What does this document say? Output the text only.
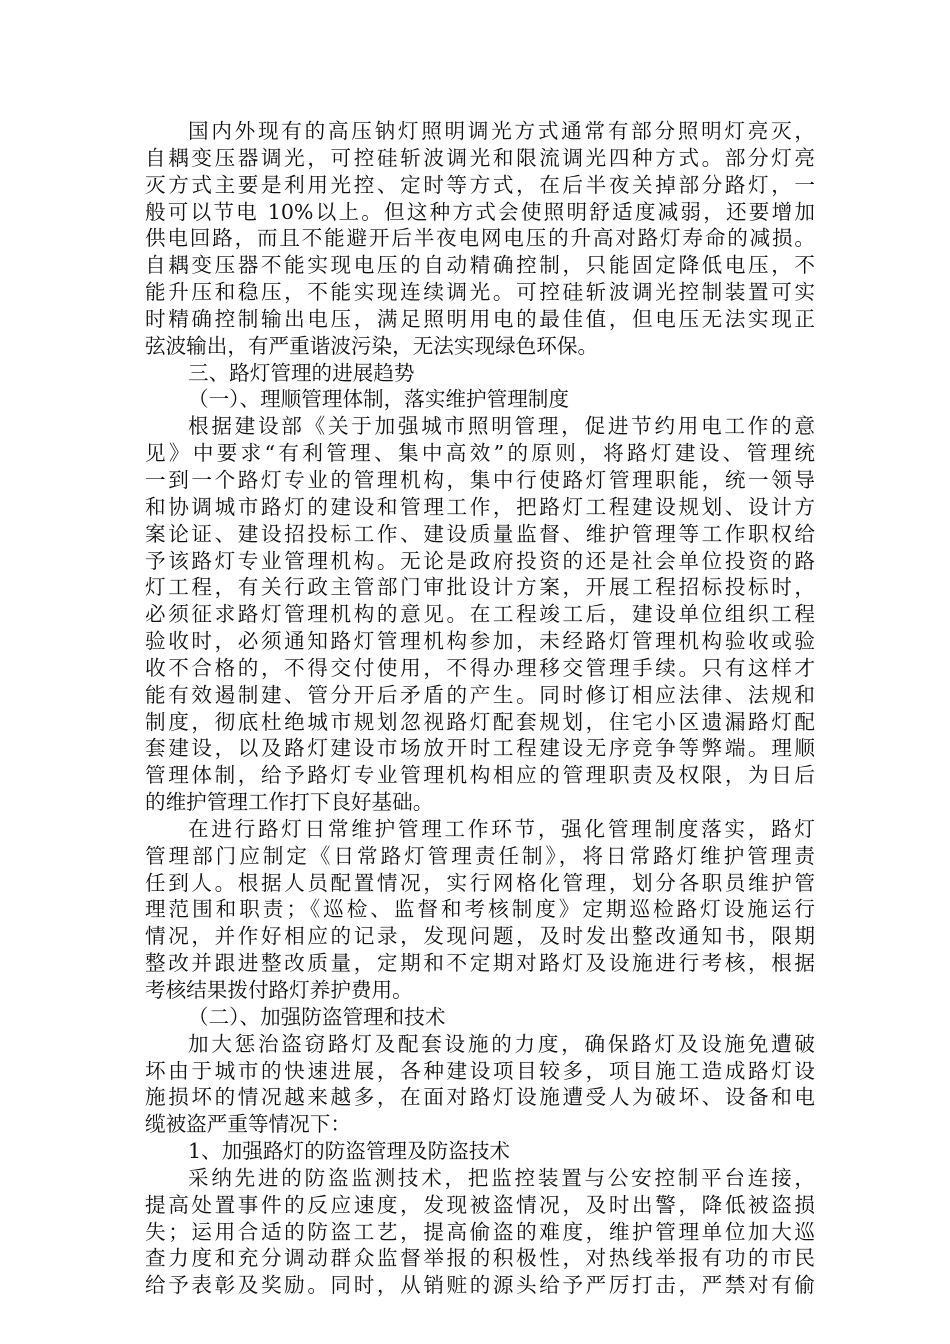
国内外现有的高压钠灯照明调光方式通常有部分照明灯亮灭，
自耦变压器调光，可控硅斩波调光和限流调光四种方式。部分灯亮
灭方式主要是利用光控、定时等方式，在后半夜关掉部分路灯，一
般可以节电 10%以上。但这种方式会使照明舒适度减弱，还要增加
供电回路，而且不能避开后半夜电网电压的升高对路灯寿命的减损。
自耦变压器不能实现电压的自动精确控制，只能固定降低电压，不
能升压和稳压，不能实现连续调光。可控硅斩波调光控制装置可实
时精确控制输出电压，满足照明用电的最佳值，但电压无法实现正
弦波输出，有严重谐波污染，无法实现绿色环保。
三、路灯管理的进展趋势
（一）、理顺管理体制，落实维护管理制度
根据建设部《关于加强城市照明管理，促进节约用电工作的意
见》中要求“有利管理、集中高效”的原则，将路灯建设、管理统
一到一个路灯专业的管理机构，集中行使路灯管理职能，统一领导
和协调城市路灯的建设和管理工作，把路灯工程建设规划、设计方
案论证、建设招投标工作、建设质量监督、维护管理等工作职权给
予该路灯专业管理机构。无论是政府投资的还是社会单位投资的路
灯工程，有关行政主管部门审批设计方案，开展工程招标投标时，
必须征求路灯管理机构的意见。在工程竣工后，建设单位组织工程
验收时，必须通知路灯管理机构参加，未经路灯管理机构验收或验
收不合格的，不得交付使用，不得办理移交管理手续。只有这样才
能有效遏制建、管分开后矛盾的产生。同时修订相应法律、法规和
制度，彻底杜绝城市规划忽视路灯配套规划，住宅小区遗漏路灯配
套建设，以及路灯建设市场放开时工程建设无序竞争等弊端。理顺
管理体制，给予路灯专业管理机构相应的管理职责及权限，为日后
的维护管理工作打下良好基础。
在进行路灯日常维护管理工作环节，强化管理制度落实，路灯
管理部门应制定《日常路灯管理责任制》，将日常路灯维护管理责
任到人。根据人员配置情况，实行网格化管理，划分各职员维护管
理范围和职责；《巡检、监督和考核制度》定期巡检路灯设施运行
情况，并作好相应的记录，发现问题，及时发出整改通知书，限期
整改并跟进整改质量，定期和不定期对路灯及设施进行考核，根据
考核结果拨付路灯养护费用。
（二）、加强防盗管理和技术
加大惩治盗窃路灯及配套设施的力度，确保路灯及设施免遭破
坏由于城市的快速进展，各种建设项目较多，项目施工造成路灯设
施损坏的情况越来越多，在面对路灯设施遭受人为破坏、设备和电
缆被盗严重等情况下：
1、加强路灯的防盗管理及防盗技术
采纳先进的防盗监测技术，把监控装置与公安控制平台连接，
提高处置事件的反应速度，发现被盗情况，及时出警，降低被盗损
失；运用合适的防盗工艺，提高偷盗的难度，维护管理单位加大巡
查力度和充分调动群众监督举报的积极性，对热线举报有功的市民
给予表彰及奖励。同时，从销赃的源头给予严厉打击，严禁对有偷
